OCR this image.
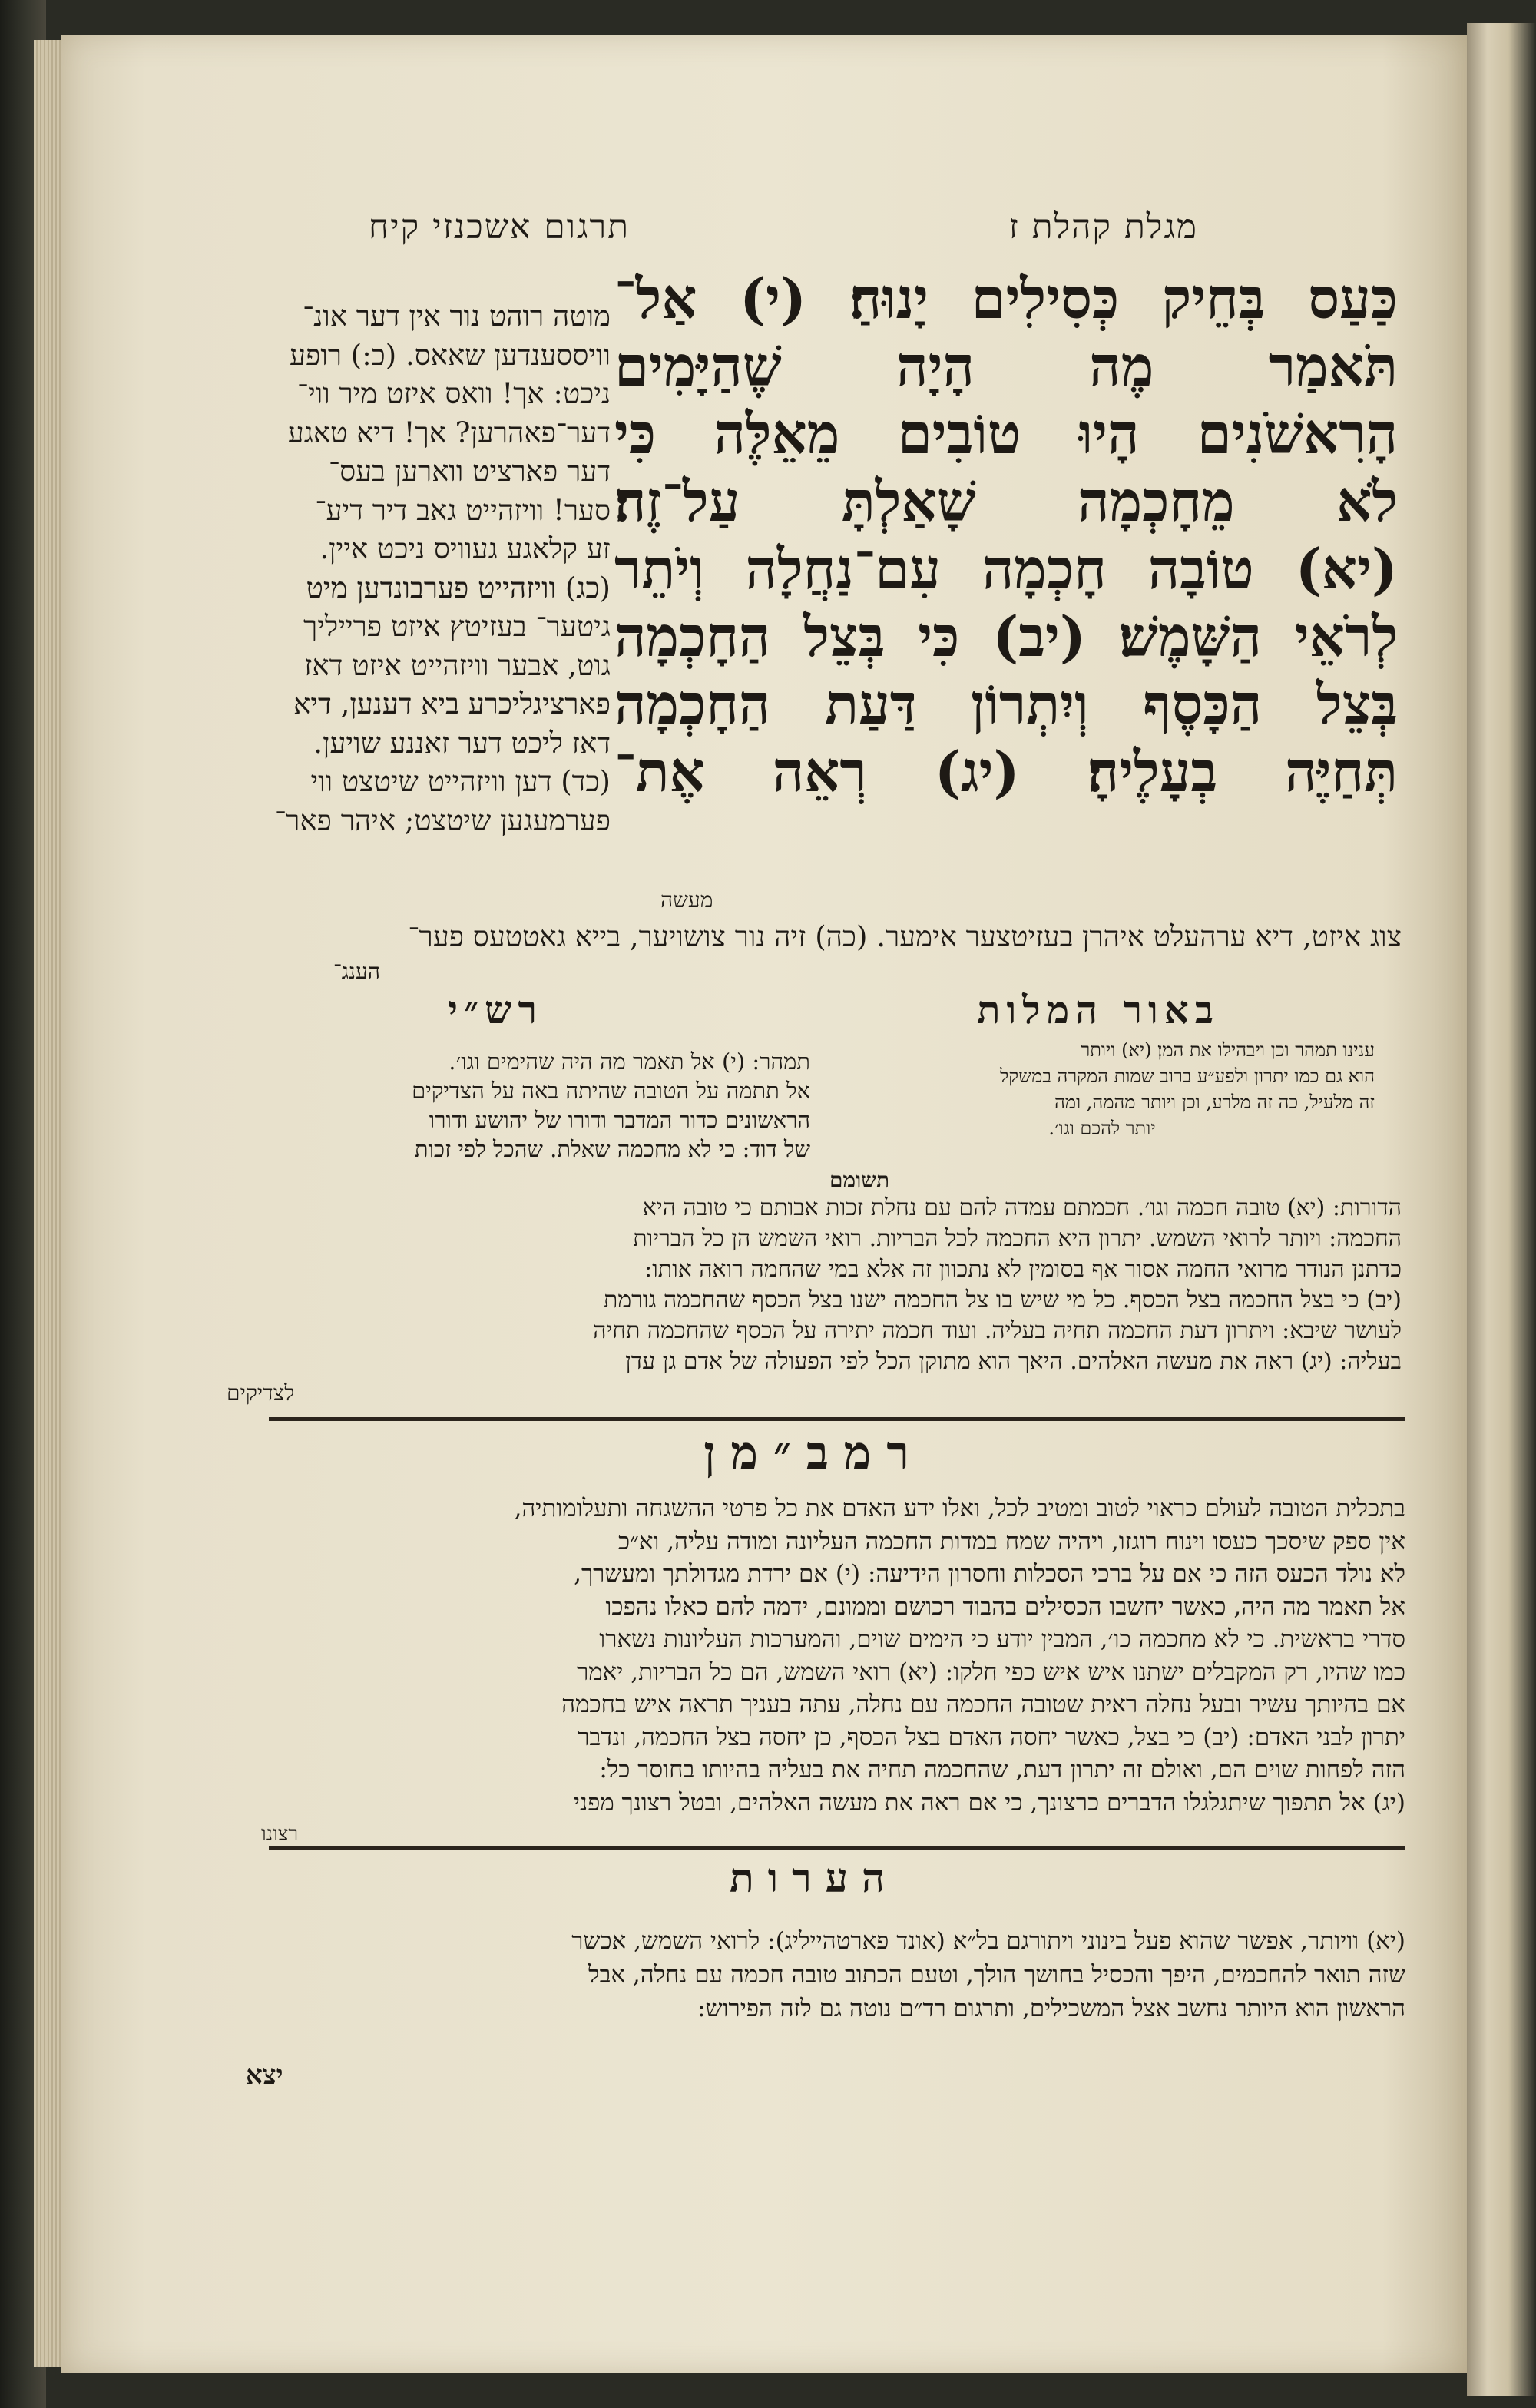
מגלת קהלת ז
תרגום אשכנזי קיח
כַּעַס בְּחֵיק כְּסִילִים יָנוּחַ׃ (י) אַל־
תֹּאמַר מֶה הָיָה שֶׁהַיָּמִים
הָרִאשֹׁנִים הָיוּ טוֹבִים מֵאֵלֶּה כִּי
לֹא מֵחָכְמָה שָׁאַלְתָּ עַל־זֶה׃
(יא) טוֹבָה חָכְמָה עִם־נַחֲלָה וְיֹתֵר
לְרֹאֵי הַשָּׁמֶשׁ׃ (יב) כִּי בְּצֵל הַחָכְמָה
בְּצֵל הַכָּסֶף וְיִתְרוֹן דַּעַת הַחָכְמָה
תְּחַיֶּה בְעָלֶיהָ׃ (יג) רְאֵה אֶת־
מעשה
מוטה רוהט נור אין דער אונ־
וויססענדען שאאס. (כ:) רופע
ניכט: אך! וואס איזט מיר ווי־
דער־פאהרען? אך! דיא טאגע
דער פארציט ווארען בעס־
סער! וויזהייט גאב דיר דיע־
זע קלאגע געוויס ניכט איין.
(כג) וויזהייט פערבונדען מיט
גיטער־ בעזיטץ איזט פרייליך
גוט, אבער וויזהייט איזט דאז
פארציגליכרע ביא דענען, דיא
דאז ליכט דער זאננע שויען.
(כד) דען וויזהייט שיטצט ווי
פערמעגען שיטצט; איהר פאר־
צוג איזט, דיא ערהעלט איהרן בעזיטצער אימער. (כה) זיה נור צושויער, בייא גאטטעס פער־
הענג־
באור המלות
ענינו תמהר וכן ויבהילו את המן׃ (יא) ויותר
הוא גם כמו יתרון ולפע״ע ברוב שמות המקרה במשקל
זה מלעיל, כה זה מלרע, וכן ויותר מהמה, ומה
יותר להכם וגו׳.
תשומם
רש״י
תמהר: (י) אל תאמר מה היה שהימים וגו׳.
אל תתמה על הטובה שהיתה באה על הצדיקים
הראשונים כדור המדבר ודורו של יהושע ודורו
של דוד: כי לא מחכמה שאלת. שהכל לפי זכות
הדורות: (יא) טובה חכמה וגו׳. חכמתם עמדה להם עם נחלת זכות אבותם כי טובה היא
החכמה: ויותר לרואי השמש. יתרון היא החכמה לכל הבריות. רואי השמש הן כל הבריות
כדתנן הנודר מרואי החמה אסור אף בסומין לא נתכוון זה אלא במי שהחמה רואה אותו:
(יב) כי בצל החכמה בצל הכסף. כל מי שיש בו צל החכמה ישנו בצל הכסף שהחכמה גורמת
לעושר שיבא: ויתרון דעת החכמה תחיה בעליה. ועוד חכמה יתירה על הכסף שהחכמה תחיה
בעליה: (יג) ראה את מעשה האלהים. היאך הוא מתוקן הכל לפי הפעולה של אדם גן עדן
לצדיקים
רמב״מן
בתכלית הטובה לעולם כראוי לטוב ומטיב לכל, ואלו ידע האדם את כל פרטי ההשגחה ותעלומותיה,
אין ספק שיסכך כעסו וינוח רוגזו, ויהיה שמח במדות החכמה העליונה ומודה עליה, וא״כ
לא נולד הכעס הזה כי אם על ברכי הסכלות וחסרון הידיעה: (י) אם ירדת מגדולתך ומעשרך,
אל תאמר מה היה, כאשר יחשבו הכסילים בהבוד רכושם וממונם, ידמה להם כאלו נהפכו
סדרי בראשית. כי לא מחכמה כו׳, המבין יודע כי הימים שוים, והמערכות העליונות נשארו
כמו שהיו, רק המקבלים ישתנו איש איש כפי חלקו: (יא) רואי השמש, הם כל הבריות, יאמר
אם בהיותך עשיר ובעל נחלה ראית שטובה החכמה עם נחלה, עתה בעניך תראה איש בחכמה
יתרון לבני האדם: (יב) כי בצל, כאשר יחסה האדם בצל הכסף, כן יחסה בצל החכמה, ונדבר
הזה לפחות שוים הם, ואולם זה יתרון דעת, שהחכמה תחיה את בעליה בהיותו בחוסר כל:
(יג) אל תתפוך שיתגלגלו הדברים כרצונך, כי אם ראה את מעשה האלהים, ובטל רצונך מפני
רצונו
הערות
(יא) וויותר, אפשר שהוא פעל בינוני ויתורגם בל״א (אונד פארטהייליג): לרואי השמש, אכשר
שזה תואר להחכמים, היפך והכסיל בחושך הולך, וטעם הכתוב טובה חכמה עם נחלה, אבל
הראשון הוא היותר נחשב אצל המשכילים, ותרגום רד״ם נוטה גם לזה הפירוש:
יצא
